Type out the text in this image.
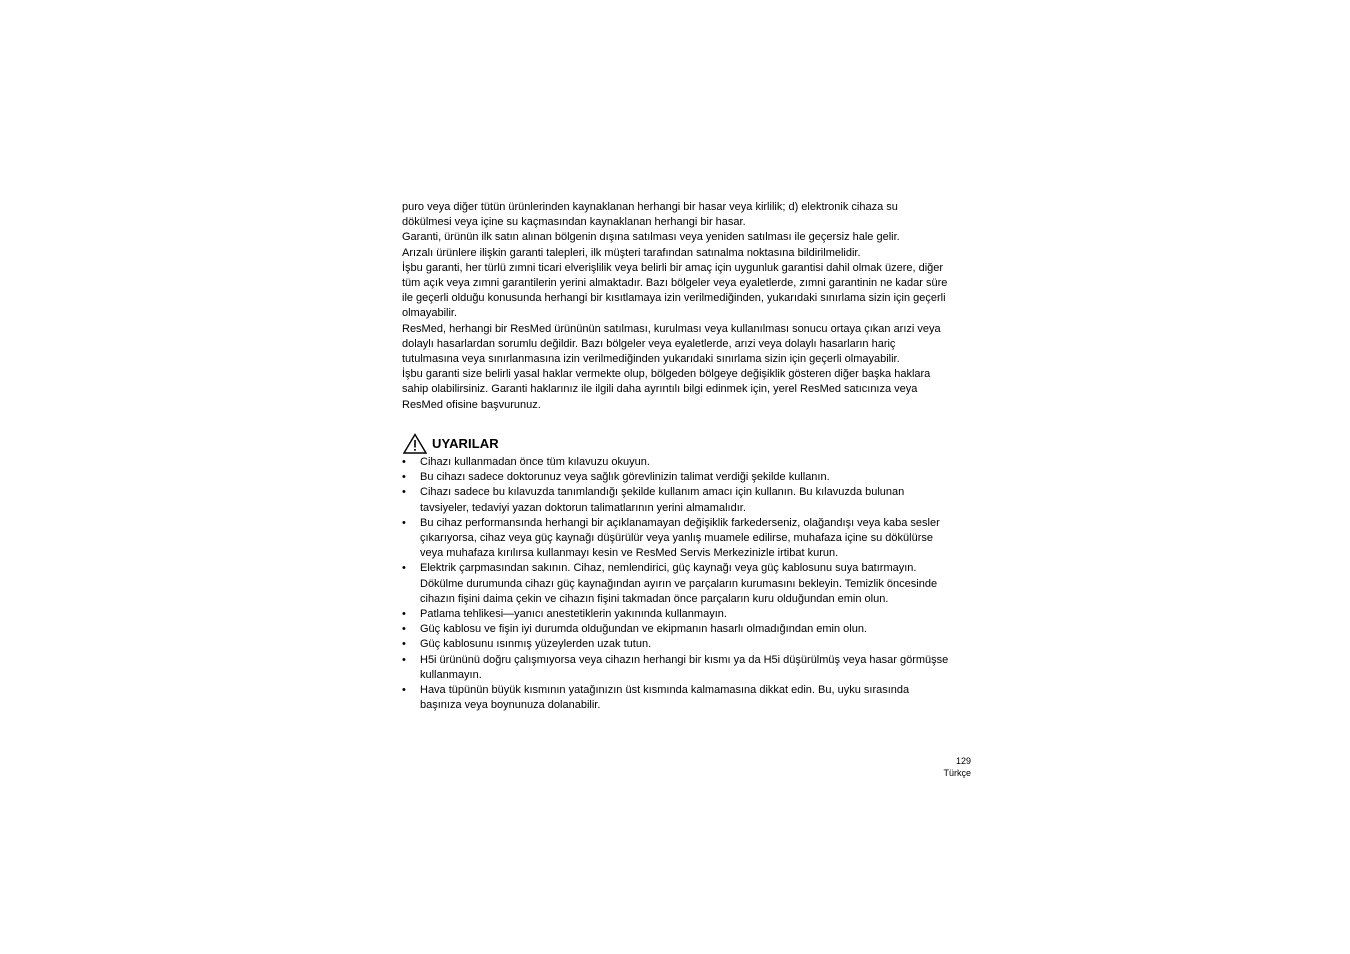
puro veya diğer tütün ürünlerinden kaynaklanan herhangi bir hasar veya kirlilik; d) elektronik cihaza su dökülmesi veya içine su kaçmasından kaynaklanan herhangi bir hasar.

Garanti, ürünün ilk satın alınan bölgenin dışına satılması veya yeniden satılması ile geçersiz hale gelir.

Arızalı ürünlere ilişkin garanti talepleri, ilk müşteri tarafından satınalma noktasına bildirilmelidir.

İşbu garanti, her türlü zımni ticari elverişlilik veya belirli bir amaç için uygunluk garantisi dahil olmak üzere, diğer tüm açık veya zımni garantilerin yerini almaktadır. Bazı bölgeler veya eyaletlerde, zımni garantinin ne kadar süre ile geçerli olduğu konusunda herhangi bir kısıtlamaya izin verilmediğinden, yukarıdaki sınırlama sizin için geçerli olmayabilir.

ResMed, herhangi bir ResMed ürününün satılması, kurulması veya kullanılması sonucu ortaya çıkan arızi veya dolaylı hasarlardan sorumlu değildir. Bazı bölgeler veya eyaletlerde, arızi veya dolaylı hasarların hariç tutulmasına veya sınırlanmasına izin verilmediğinden yukarıdaki sınırlama sizin için geçerli olmayabilir.

İşbu garanti size belirli yasal haklar vermekte olup, bölgeden bölgeye değişiklik gösteren diğer başka haklara sahip olabilirsiniz. Garanti haklarınız ile ilgili daha ayrıntılı bilgi edinmek için, yerel ResMed satıcınıza veya ResMed ofisine başvurunuz.

UYARILAR
• Cihazı kullanmadan önce tüm kılavuzu okuyun.
• Bu cihazı sadece doktorunuz veya sağlık görevlinizin talimat verdiği şekilde kullanın.
• Cihazı sadece bu kılavuzda tanımlandığı şekilde kullanım amacı için kullanın. Bu kılavuzda bulunan tavsiyeler, tedaviyi yazan doktorun talimatlarının yerini almamalıdır.
• Bu cihaz performansında herhangi bir açıklanamayan değişiklik farkederseniz, olağandışı veya kaba sesler çıkarıyorsa, cihaz veya güç kaynağı düşürülür veya yanlış muamele edilirse, muhafaza içine su dökülürse veya muhafaza kırılırsa kullanmayı kesin ve ResMed Servis Merkezinizle irtibat kurun.
• Elektrik çarpmasından sakının. Cihaz, nemlendirici, güç kaynağı veya güç kablosunu suya batırmayın. Dökülme durumunda cihazı güç kaynağından ayırın ve parçaların kurumasını bekleyin. Temizlik öncesinde cihazın fişini daima çekin ve cihazın fişini takmadan önce parçaların kuru olduğundan emin olun.
• Patlama tehlikesi—yanıcı anestetiklerin yakınında kullanmayın.
• Güç kablosu ve fişin iyi durumda olduğundan ve ekipmanın hasarlı olmadığından emin olun.
• Güç kablosunu ısınmış yüzeylerden uzak tutun.
• H5i ürününü doğru çalışmıyorsa veya cihazın herhangi bir kısmı ya da H5i düşürülmüş veya hasar görmüşse kullanmayın.
• Hava tüpünün büyük kısmının yatağınızın üst kısmında kalmamasına dikkat edin. Bu, uyku sırasında başınıza veya boynunuza dolanabilir.
129
Türkçe
